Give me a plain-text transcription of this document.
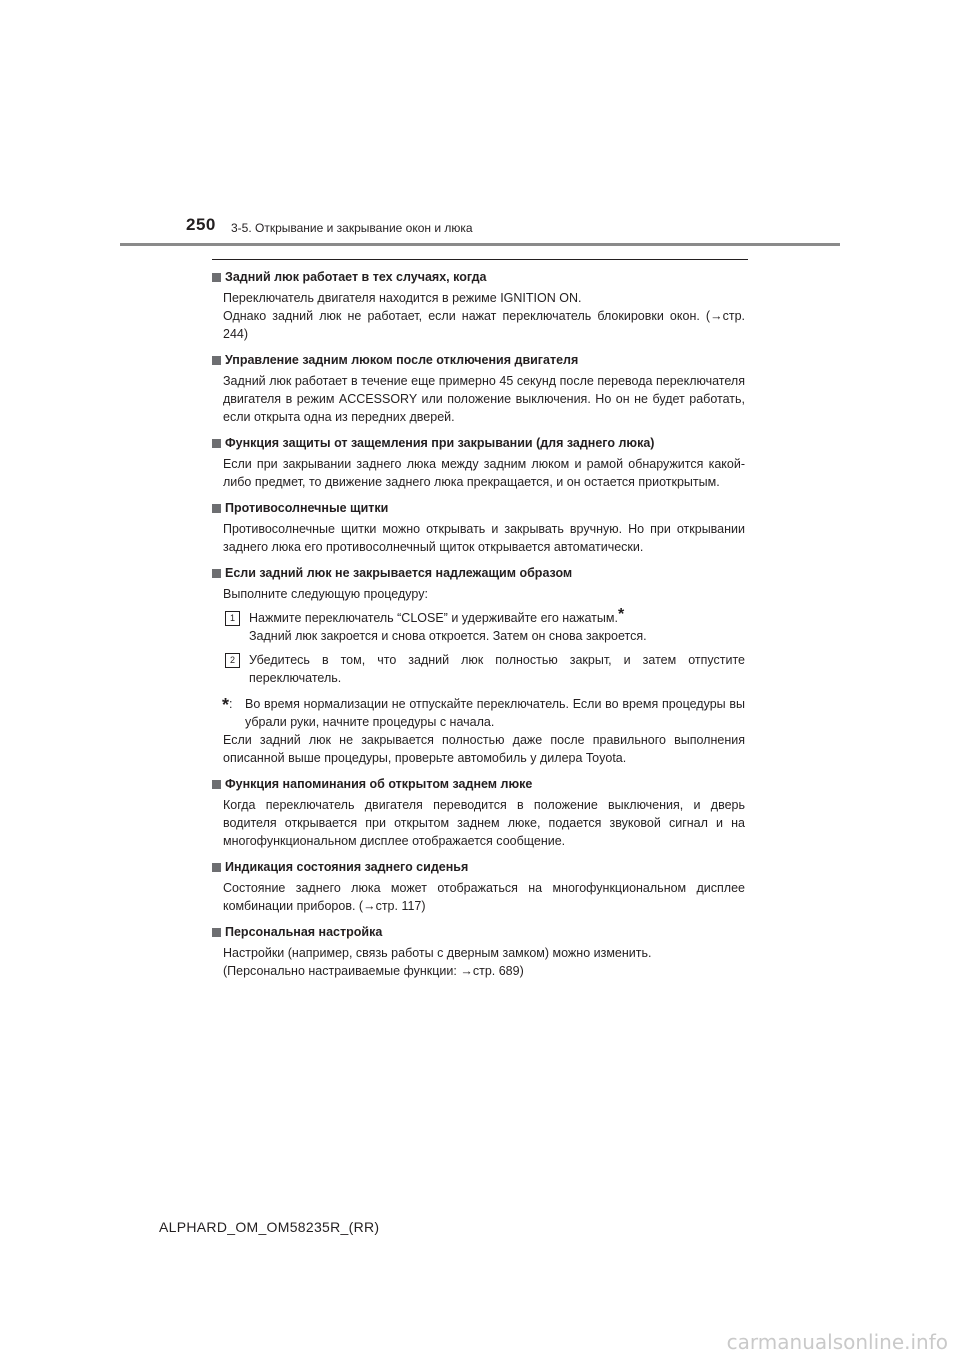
250 3-5. Открывание и закрывание окон и люка
Задний люк работает в тех случаях, когда

Переключатель двигателя находится в режиме IGNITION ON.

Однако задний люк не работает, если нажат переключатель блокировки окон. (→стр. 244)

Управление задним люком после отключения двигателя

Задний люк работает в течение еще примерно 45 секунд после перевода переключателя двигателя в режим ACCESSORY или положение выключения. Но он не будет работать, если открыта одна из передних дверей.

Функция защиты от защемления при закрывании (для заднего люка)

Если при закрывании заднего люка между задним люком и рамой обнаружится какой-либо предмет, то движение заднего люка прекращается, и он остается приоткрытым.

Противосолнечные щитки

Противосолнечные щитки можно открывать и закрывать вручную. Но при открывании заднего люка его противосолнечный щиток открывается автоматически.

Если задний люк не закрывается надлежащим образом

Выполните следующую процедуру:

1	Нажмите переключатель “CLOSE” и удерживайте его нажатым.*
Задний люк закроется и снова откроется. Затем он снова закроется.
2	Убедитесь в том, что задний люк полностью закрыт, и затем отпустите переключатель.
*:	Во время нормализации не отпускайте переключатель. Если во время процедуры вы убрали руки, начните процедуры с начала.

Если задний люк не закрывается полностью даже после правильного выполнения описанной выше процедуры, проверьте автомобиль у дилера Toyota.

Функция напоминания об открытом заднем люке

Когда переключатель двигателя переводится в положение выключения, и дверь водителя открывается при открытом заднем люке, подается звуковой сигнал и на многофункциональном дисплее отображается сообщение.

Индикация состояния заднего сиденья

Состояние заднего люка может отображаться на многофункциональном дисплее комбинации приборов. (→стр. 117)

Персональная настройка

Настройки (например, связь работы с дверным замком) можно изменить.

(Персонально настраиваемые функции: →стр. 689)

ALPHARD_OM_OM58235R_(RR)
carmanualsonline.info
